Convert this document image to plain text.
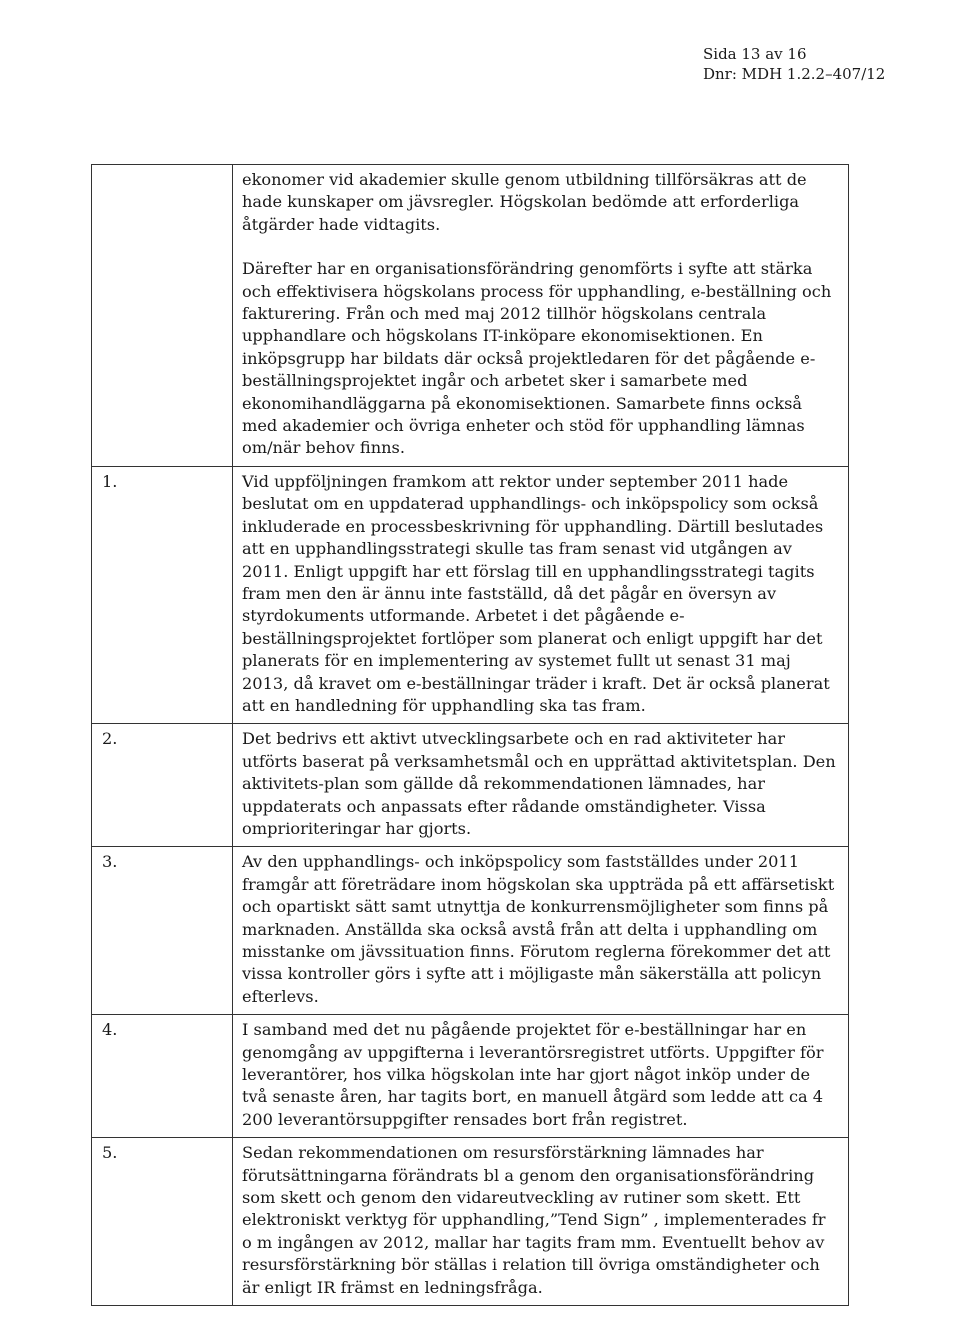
Sida 13 av 16
Dnr: MDH 1.2.2–407/12

	ekonomer vid akademier skulle genom utbildning tillförsäkras att de hade kunskaper om jävsregler. Högskolan bedömde att erforderliga åtgärder hade vidtagits.

Därefter har en organisationsförändring genomförts i syfte att stärka och effektivisera högskolans process för upphandling, e-beställning och fakturering. Från och med maj 2012 tillhör högskolans centrala upphandlare och högskolans IT-inköpare ekonomisektionen. En inköpsgrupp har bildats där också projektledaren för det pågående e-beställningsprojektet ingår och arbetet sker i samarbete med ekonomihandläggarna på ekonomisektionen. Samarbete finns också med akademier och övriga enheter och stöd för upphandling lämnas om/när behov finns.

1.	Vid uppföljningen framkom att rektor under september 2011 hade beslutat om en uppdaterad upphandlings- och inköpspolicy som också inkluderade en processbeskrivning för upphandling. Därtill beslutades att en upphandlingsstrategi skulle tas fram senast vid utgången av 2011. Enligt uppgift har ett förslag till en upphandlingsstrategi tagits fram men den är ännu inte fastställd, då det pågår en översyn av styrdokuments utformande. Arbetet i det pågående e-beställningsprojektet fortlöper som planerat och enligt uppgift har det planerats för en implementering av systemet fullt ut senast 31 maj 2013, då kravet om e-beställningar träder i kraft. Det är också planerat att en handledning för upphandling ska tas fram.

2.	Det bedrivs ett aktivt utvecklingsarbete och en rad aktiviteter har utförts baserat på verksamhetsmål och en upprättad aktivitetsplan. Den aktivitets-plan som gällde då rekommendationen lämnades, har uppdaterats och anpassats efter rådande omständigheter. Vissa omprioriteringar har gjorts.

3.	Av den upphandlings- och inköpspolicy som fastställdes under 2011 framgår att företrädare inom högskolan ska uppträda på ett affärsetiskt och opartiskt sätt samt utnyttja de konkurrensmöjligheter som finns på marknaden. Anställda ska också avstå från att delta i upphandling om misstanke om jävssituation finns. Förutom reglerna förekommer det att vissa kontroller görs i syfte att i möjligaste mån säkerställa att policyn efterlevs.

4.	I samband med det nu pågående projektet för e-beställningar har en genomgång av uppgifterna i leverantörsregistret utförts. Uppgifter för leverantörer, hos vilka högskolan inte har gjort något inköp under de två senaste åren, har tagits bort, en manuell åtgärd som ledde att ca 4 200 leverantörsuppgifter rensades bort från registret.

5.	Sedan rekommendationen om resursförstärkning lämnades har förutsättningarna förändrats bl a genom den organisationsförändring som skett och genom den vidareutveckling av rutiner som skett. Ett elektroniskt verktyg för upphandling,”Tend Sign” , implementerades fr o m ingången av 2012, mallar har tagits fram mm. Eventuellt behov av resursförstärkning bör ställas i relation till övriga omständigheter och är enligt IR främst en ledningsfråga.
